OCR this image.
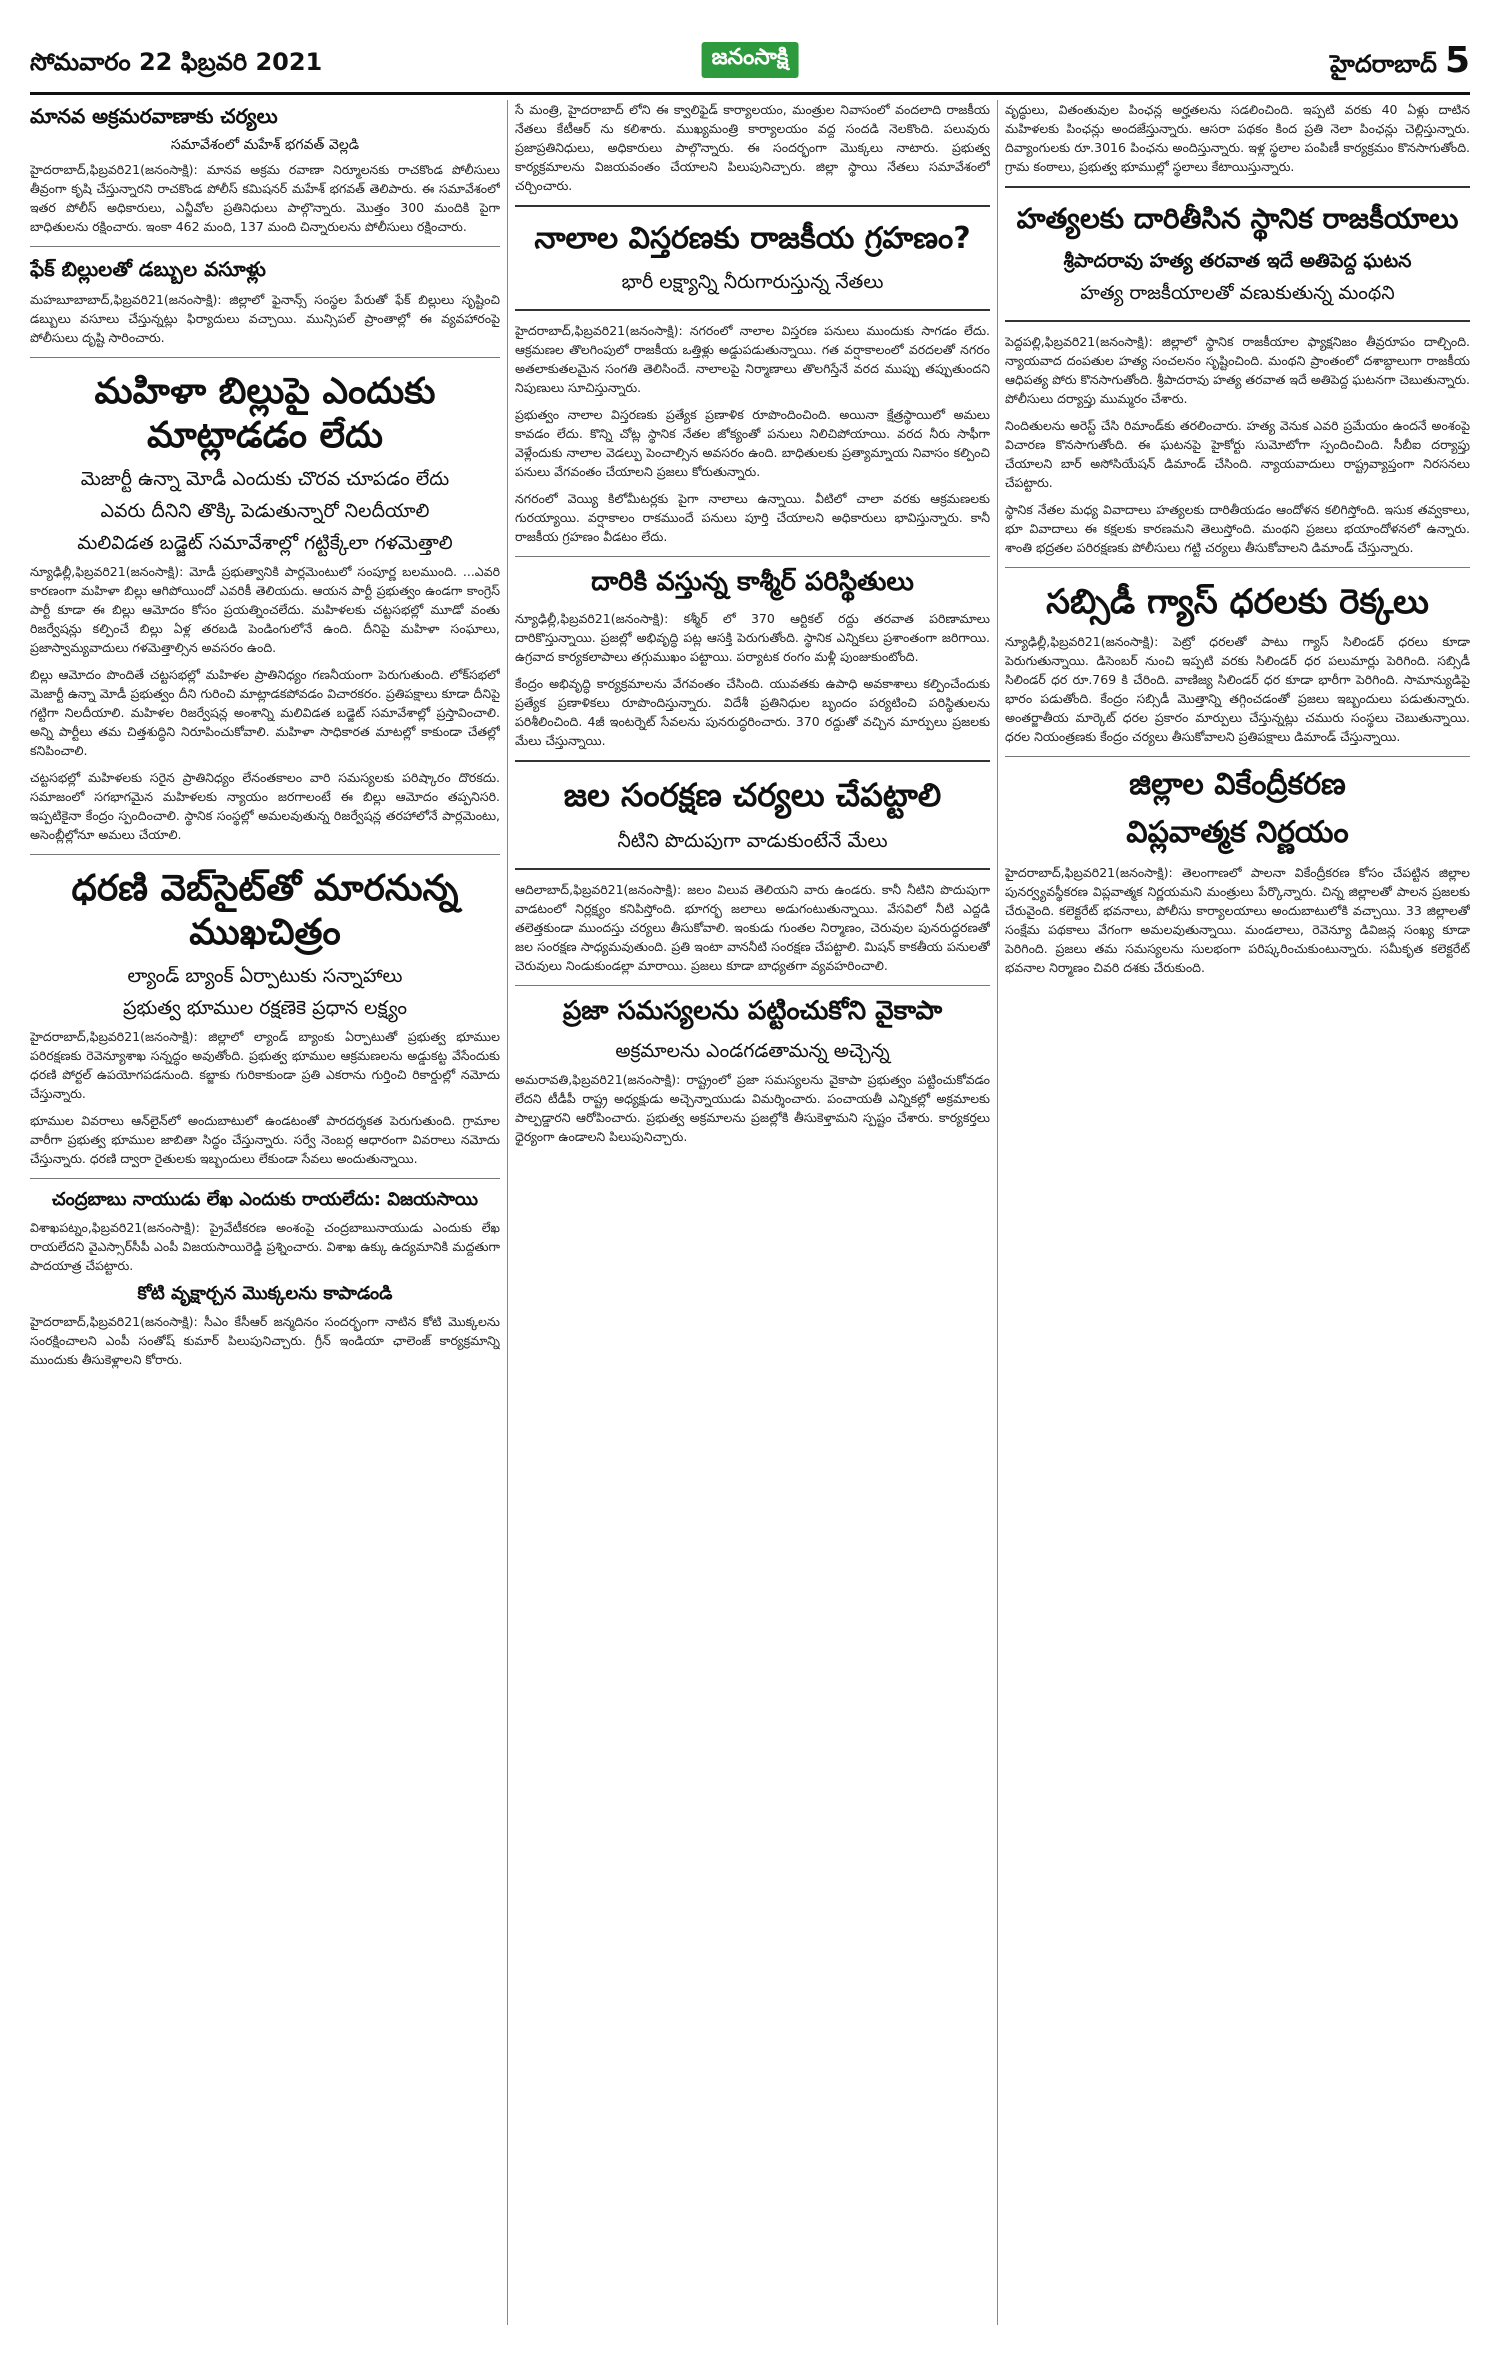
సోమవారం 22 ఫిబ్రవరి 2021	జనంసాక్షి	హైదరాబాద్ 5
మానవ అక్రమరవాణాకు చర్యలు
సమావేశంలో మహేశ్ భగవత్ వెల్లడి

హైదరాబాద్,ఫిబ్రవరి21(జనంసాక్షి): మానవ అక్రమ రవాణా నిర్మూలనకు రాచకొండ పోలీసులు తీవ్రంగా కృషి చేస్తున్నారని రాచకొండ పోలీస్ కమిషనర్ మహేశ్ భగవత్ తెలిపారు. ఈ సమావేశంలో ఇతర పోలీస్ అధికారులు, ఎన్జీవోల ప్రతినిధులు పాల్గొన్నారు. మొత్తం 300 మందికి పైగా బాధితులను రక్షించారు. ఇంకా 462 మంది, 137 మంది చిన్నారులను పోలీసులు రక్షించారు.

ఫేక్ బిల్లులతో డబ్బుల వసూళ్లు

మహబూబాబాద్,ఫిబ్రవరి21(జనంసాక్షి): జిల్లాలో ఫైనాన్స్ సంస్థల పేరుతో ఫేక్ బిల్లులు సృష్టించి డబ్బులు వసూలు చేస్తున్నట్లు ఫిర్యాదులు వచ్చాయి. మున్సిపల్ ప్రాంతాల్లో ఈ వ్యవహారంపై పోలీసులు దృష్టి సారించారు.

మహిళా బిల్లుపై ఎందుకు మాట్లాడడం లేదు
మెజార్టీ ఉన్నా మోడీ ఎందుకు చొరవ చూపడం లేదు
ఎవరు దీనిని తొక్కి పెడుతున్నారో నిలదీయాలి
మలివిడత బడ్జెట్ సమావేశాల్లో గట్టిక్కేలా గళమెత్తాలి

న్యూఢిల్లీ,ఫిబ్రవరి21(జనంసాక్షి): మోడీ ప్రభుత్వానికి పార్లమెంటులో సంపూర్ణ బలముంది. ...ఎవరి కారణంగా మహిళా బిల్లు ఆగిపోయిందో ఎవరికీ తెలియదు. ఆయన పార్టీ ప్రభుత్వం ఉండగా కాంగ్రెస్ పార్టీ కూడా ఈ బిల్లు ఆమోదం కోసం ప్రయత్నించలేదు. మహిళలకు చట్టసభల్లో మూడో వంతు రిజర్వేషన్లు కల్పించే బిల్లు ఏళ్ల తరబడి పెండింగులోనే ఉంది. దీనిపై మహిళా సంఘాలు, ప్రజాస్వామ్యవాదులు గళమెత్తాల్సిన అవసరం ఉంది.

బిల్లు ఆమోదం పొందితే చట్టసభల్లో మహిళల ప్రాతినిధ్యం గణనీయంగా పెరుగుతుంది. లోక్‌సభలో మెజార్టీ ఉన్నా మోడీ ప్రభుత్వం దీని గురించి మాట్లాడకపోవడం విచారకరం. ప్రతిపక్షాలు కూడా దీనిపై గట్టిగా నిలదీయాలి. మహిళల రిజర్వేషన్ల అంశాన్ని మలివిడత బడ్జెట్ సమావేశాల్లో ప్రస్తావించాలి. అన్ని పార్టీలు తమ చిత్తశుద్ధిని నిరూపించుకోవాలి. మహిళా సాధికారత మాటల్లో కాకుండా చేతల్లో కనిపించాలి.

చట్టసభల్లో మహిళలకు సరైన ప్రాతినిధ్యం లేనంతకాలం వారి సమస్యలకు పరిష్కారం దొరకదు. సమాజంలో సగభాగమైన మహిళలకు న్యాయం జరగాలంటే ఈ బిల్లు ఆమోదం తప్పనిసరి. ఇప్పటికైనా కేంద్రం స్పందించాలి. స్థానిక సంస్థల్లో అమలవుతున్న రిజర్వేషన్ల తరహాలోనే పార్లమెంటు, అసెంబ్లీల్లోనూ అమలు చేయాలి.

ధరణి వెబ్‌సైట్‌తో మారనున్న ముఖచిత్రం
ల్యాండ్ బ్యాంక్ ఏర్పాటుకు సన్నాహాలు
ప్రభుత్వ భూముల రక్షణెకె ప్రధాన లక్ష్యం

హైదరాబాద్,ఫిబ్రవరి21(జనంసాక్షి): జిల్లాలో ల్యాండ్ బ్యాంకు ఏర్పాటుతో ప్రభుత్వ భూముల పరిరక్షణకు రెవెన్యూశాఖ సన్నద్ధం అవుతోంది. ప్రభుత్వ భూముల ఆక్రమణలను అడ్డుకట్ట వేసేందుకు ధరణి పోర్టల్ ఉపయోగపడనుంది. కబ్జాకు గురికాకుండా ప్రతి ఎకరాను గుర్తించి రికార్డుల్లో నమోదు చేస్తున్నారు.

భూముల వివరాలు ఆన్‌లైన్‌లో అందుబాటులో ఉండటంతో పారదర్శకత పెరుగుతుంది. గ్రామాల వారీగా ప్రభుత్వ భూముల జాబితా సిద్ధం చేస్తున్నారు. సర్వే నెంబర్ల ఆధారంగా వివరాలు నమోదు చేస్తున్నారు. ధరణి ద్వారా రైతులకు ఇబ్బందులు లేకుండా సేవలు అందుతున్నాయి.

చంద్రబాబు నాయుడు లేఖ ఎందుకు రాయలేదు: విజయసాయి

విశాఖపట్నం,ఫిబ్రవరి21(జనంసాక్షి): ప్రైవేటీకరణ అంశంపై చంద్రబాబునాయుడు ఎందుకు లేఖ రాయలేదని వైఎస్సార్‌సీపీ ఎంపీ విజయసాయిరెడ్డి ప్రశ్నించారు. విశాఖ ఉక్కు ఉద్యమానికి మద్దతుగా పాదయాత్ర చేపట్టారు.

కోటి వృక్షార్చన మొక్కలను కాపాడండి

హైదరాబాద్,ఫిబ్రవరి21(జనంసాక్షి): సీఎం కేసీఆర్ జన్మదినం సందర్భంగా నాటిన కోటి మొక్కలను సంరక్షించాలని ఎంపీ సంతోష్ కుమార్ పిలుపునిచ్చారు. గ్రీన్ ఇండియా ఛాలెంజ్ కార్యక్రమాన్ని ముందుకు తీసుకెళ్లాలని కోరారు.

సే మంత్రి, హైదరాబాద్ లోని ఈ క్వాలిఫైడ్ కార్యాలయం, మంత్రుల నివాసంలో వందలాది రాజకీయ నేతలు కేటీఆర్ ను కలిశారు. ముఖ్యమంత్రి కార్యాలయం వద్ద సందడి నెలకొంది. పలువురు ప్రజాప్రతినిధులు, అధికారులు పాల్గొన్నారు. ఈ సందర్భంగా మొక్కలు నాటారు. ప్రభుత్వ కార్యక్రమాలను విజయవంతం చేయాలని పిలుపునిచ్చారు. జిల్లా స్థాయి నేతలు సమావేశంలో చర్చించారు.

నాలాల విస్తరణకు రాజకీయ గ్రహణం?
భారీ లక్ష్యాన్ని నీరుగారుస్తున్న నేతలు

హైదరాబాద్,ఫిబ్రవరి21(జనంసాక్షి): నగరంలో నాలాల విస్తరణ పనులు ముందుకు సాగడం లేదు. ఆక్రమణల తొలగింపులో రాజకీయ ఒత్తిళ్లు అడ్డుపడుతున్నాయి. గత వర్షాకాలంలో వరదలతో నగరం అతలాకుతలమైన సంగతి తెలిసిందే. నాలాలపై నిర్మాణాలు తొలగిస్తేనే వరద ముప్పు తప్పుతుందని నిపుణులు సూచిస్తున్నారు.

ప్రభుత్వం నాలాల విస్తరణకు ప్రత్యేక ప్రణాళిక రూపొందించింది. అయినా క్షేత్రస్థాయిలో అమలు కావడం లేదు. కొన్ని చోట్ల స్థానిక నేతల జోక్యంతో పనులు నిలిచిపోయాయి. వరద నీరు సాఫీగా వెళ్లేందుకు నాలాల వెడల్పు పెంచాల్సిన అవసరం ఉంది. బాధితులకు ప్రత్యామ్నాయ నివాసం కల్పించి పనులు వేగవంతం చేయాలని ప్రజలు కోరుతున్నారు.

నగరంలో వెయ్యి కిలోమీటర్లకు పైగా నాలాలు ఉన్నాయి. వీటిలో చాలా వరకు ఆక్రమణలకు గురయ్యాయి. వర్షాకాలం రాకముందే పనులు పూర్తి చేయాలని అధికారులు భావిస్తున్నారు. కానీ రాజకీయ గ్రహణం వీడటం లేదు.

దారికి వస్తున్న కాశ్మీర్ పరిస్థితులు

న్యూఢిల్లీ,ఫిబ్రవరి21(జనంసాక్షి): కశ్మీర్ లో 370 ఆర్టికల్ రద్దు తరవాత పరిణామాలు దారికొస్తున్నాయి. ప్రజల్లో అభివృద్ధి పట్ల ఆసక్తి పెరుగుతోంది. స్థానిక ఎన్నికలు ప్రశాంతంగా జరిగాయి. ఉగ్రవాద కార్యకలాపాలు తగ్గుముఖం పట్టాయి. పర్యాటక రంగం మళ్లీ పుంజుకుంటోంది.

కేంద్రం అభివృద్ధి కార్యక్రమాలను వేగవంతం చేసింది. యువతకు ఉపాధి అవకాశాలు కల్పించేందుకు ప్రత్యేక ప్రణాళికలు రూపొందిస్తున్నారు. విదేశీ ప్రతినిధుల బృందం పర్యటించి పరిస్థితులను పరిశీలించింది. 4జీ ఇంటర్నెట్ సేవలను పునరుద్ధరించారు. 370 రద్దుతో వచ్చిన మార్పులు ప్రజలకు మేలు చేస్తున్నాయి.

జల సంరక్షణ చర్యలు చేపట్టాలి
నీటిని పొదుపుగా వాడుకుంటేనే మేలు

ఆదిలాబాద్,ఫిబ్రవరి21(జనంసాక్షి): జలం విలువ తెలియని వారు ఉండరు. కానీ నీటిని పొదుపుగా వాడటంలో నిర్లక్ష్యం కనిపిస్తోంది. భూగర్భ జలాలు అడుగంటుతున్నాయి. వేసవిలో నీటి ఎద్దడి తలెత్తకుండా ముందస్తు చర్యలు తీసుకోవాలి. ఇంకుడు గుంతల నిర్మాణం, చెరువుల పునరుద్ధరణతో జల సంరక్షణ సాధ్యమవుతుంది. ప్రతి ఇంటా వాననీటి సంరక్షణ చేపట్టాలి. మిషన్ కాకతీయ పనులతో చెరువులు నిండుకుండల్లా మారాయి. ప్రజలు కూడా బాధ్యతగా వ్యవహరించాలి.

ప్రజా సమస్యలను పట్టించుకోని వైకాపా
అక్రమాలను ఎండగడతామన్న అచ్చెన్న

అమరావతి,ఫిబ్రవరి21(జనంసాక్షి): రాష్ట్రంలో ప్రజా సమస్యలను వైకాపా ప్రభుత్వం పట్టించుకోవడం లేదని టీడీపీ రాష్ట్ర అధ్యక్షుడు అచ్చెన్నాయుడు విమర్శించారు. పంచాయతీ ఎన్నికల్లో అక్రమాలకు పాల్పడ్డారని ఆరోపించారు. ప్రభుత్వ అక్రమాలను ప్రజల్లోకి తీసుకెళ్తామని స్పష్టం చేశారు. కార్యకర్తలు ధైర్యంగా ఉండాలని పిలుపునిచ్చారు.

వృద్ధులు, వితంతువుల పింఛన్ల అర్హతలను సడలించింది. ఇప్పటి వరకు 40 ఏళ్లు దాటిన మహిళలకు పింఛన్లు అందజేస్తున్నారు. ఆసరా పథకం కింద ప్రతి నెలా పింఛన్లు చెల్లిస్తున్నారు. దివ్యాంగులకు రూ.3016 పింఛను అందిస్తున్నారు. ఇళ్ల స్థలాల పంపిణీ కార్యక్రమం కొనసాగుతోంది. గ్రామ కంఠాలు, ప్రభుత్వ భూముల్లో స్థలాలు కేటాయిస్తున్నారు.

హత్యలకు దారితీసిన స్థానిక రాజకీయాలు
శ్రీపాదరావు హత్య తరవాత ఇదే అతిపెద్ద ఘటన
హత్య రాజకీయాలతో వణుకుతున్న మంథని

పెద్దపల్లి,ఫిబ్రవరి21(జనంసాక్షి): జిల్లాలో స్థానిక రాజకీయాల ఫ్యాక్షనిజం తీవ్రరూపం దాల్చింది. న్యాయవాద దంపతుల హత్య సంచలనం సృష్టించింది. మంథని ప్రాంతంలో దశాబ్దాలుగా రాజకీయ ఆధిపత్య పోరు కొనసాగుతోంది. శ్రీపాదరావు హత్య తరవాత ఇదే అతిపెద్ద ఘటనగా చెబుతున్నారు. పోలీసులు దర్యాప్తు ముమ్మరం చేశారు.

నిందితులను అరెస్ట్ చేసి రిమాండ్‌కు తరలించారు. హత్య వెనుక ఎవరి ప్రమేయం ఉందనే అంశంపై విచారణ కొనసాగుతోంది. ఈ ఘటనపై హైకోర్టు సుమోటోగా స్పందించింది. సీబీఐ దర్యాప్తు చేయాలని బార్ అసోసియేషన్ డిమాండ్ చేసింది. న్యాయవాదులు రాష్ట్రవ్యాప్తంగా నిరసనలు చేపట్టారు.

స్థానిక నేతల మధ్య వివాదాలు హత్యలకు దారితీయడం ఆందోళన కలిగిస్తోంది. ఇసుక తవ్వకాలు, భూ వివాదాలు ఈ కక్షలకు కారణమని తెలుస్తోంది. మంథని ప్రజలు భయాందోళనలో ఉన్నారు. శాంతి భద్రతల పరిరక్షణకు పోలీసులు గట్టి చర్యలు తీసుకోవాలని డిమాండ్ చేస్తున్నారు.

సబ్సిడీ గ్యాస్ ధరలకు రెక్కలు

న్యూఢిల్లీ,ఫిబ్రవరి21(జనంసాక్షి): పెట్రో ధరలతో పాటు గ్యాస్ సిలిండర్ ధరలు కూడా పెరుగుతున్నాయి. డిసెంబర్ నుంచి ఇప్పటి వరకు సిలిండర్ ధర పలుమార్లు పెరిగింది. సబ్సిడీ సిలిండర్ ధర రూ.769 కి చేరింది. వాణిజ్య సిలిండర్ ధర కూడా భారీగా పెరిగింది. సామాన్యుడిపై భారం పడుతోంది. కేంద్రం సబ్సిడీ మొత్తాన్ని తగ్గించడంతో ప్రజలు ఇబ్బందులు పడుతున్నారు. అంతర్జాతీయ మార్కెట్ ధరల ప్రకారం మార్పులు చేస్తున్నట్లు చమురు సంస్థలు చెబుతున్నాయి. ధరల నియంత్రణకు కేంద్రం చర్యలు తీసుకోవాలని ప్రతిపక్షాలు డిమాండ్ చేస్తున్నాయి.

జిల్లాల వికేంద్రీకరణ
విప్లవాత్మక నిర్ణయం

హైదరాబాద్,ఫిబ్రవరి21(జనంసాక్షి): తెలంగాణలో పాలనా వికేంద్రీకరణ కోసం చేపట్టిన జిల్లాల పునర్వ్యవస్థీకరణ విప్లవాత్మక నిర్ణయమని మంత్రులు పేర్కొన్నారు. చిన్న జిల్లాలతో పాలన ప్రజలకు చేరువైంది. కలెక్టరేట్ భవనాలు, పోలీసు కార్యాలయాలు అందుబాటులోకి వచ్చాయి. 33 జిల్లాలతో సంక్షేమ పథకాలు వేగంగా అమలవుతున్నాయి. మండలాలు, రెవెన్యూ డివిజన్ల సంఖ్య కూడా పెరిగింది. ప్రజలు తమ సమస్యలను సులభంగా పరిష్కరించుకుంటున్నారు. సమీకృత కలెక్టరేట్ భవనాల నిర్మాణం చివరి దశకు చేరుకుంది.
